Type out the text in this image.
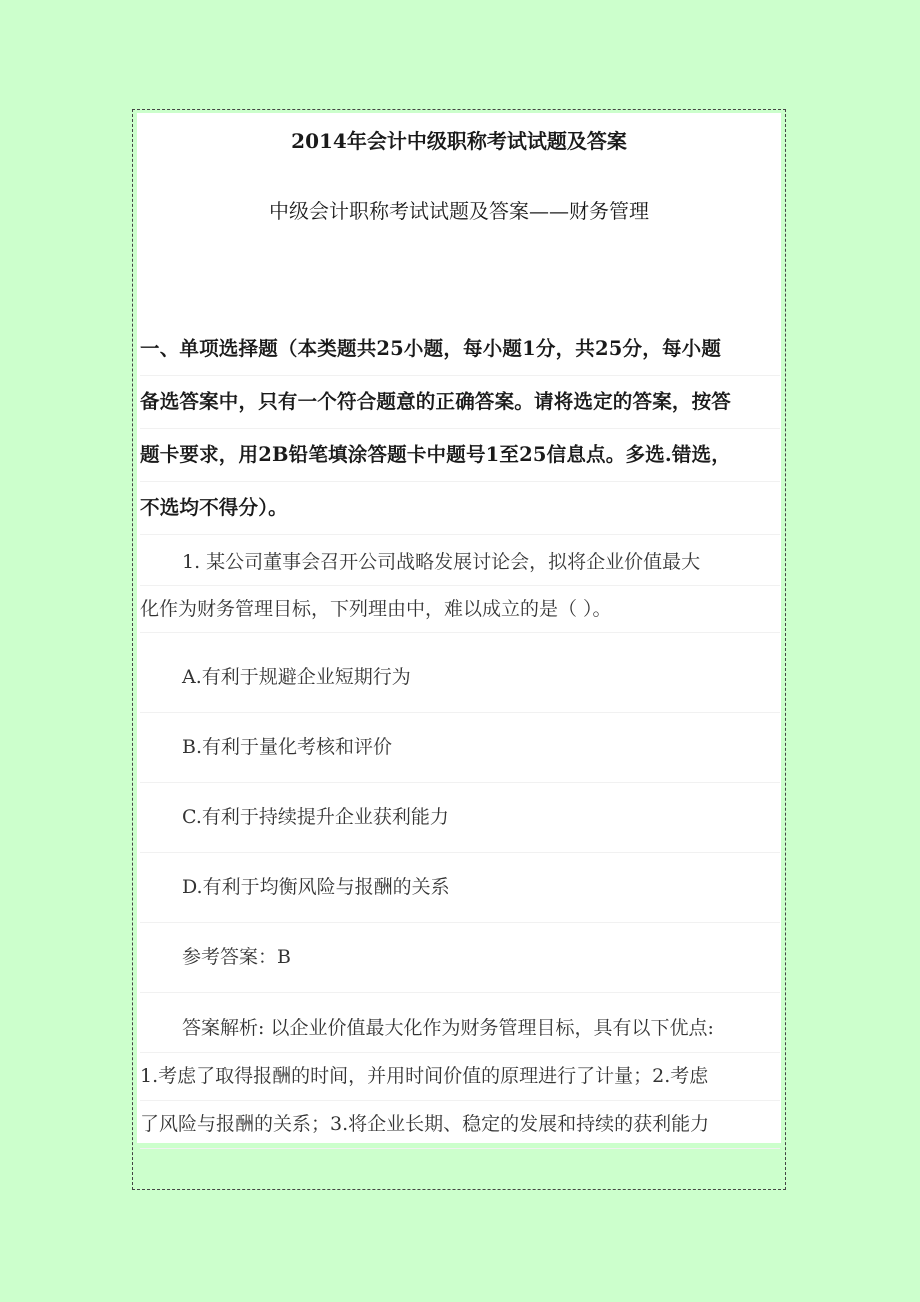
2014年会计中级职称考试试题及答案
中级会计职称考试试题及答案——财务管理
一、单项选择题（本类题共25小题，每小题1分，共25分，每小题
备选答案中，只有一个符合题意的正确答案。请将选定的答案，按答
题卡要求，用2B铅笔填涂答题卡中题号1至25信息点。多选.错选，
不选均不得分）。
1. 某公司董事会召开公司战略发展讨论会，拟将企业价值最大
化作为财务管理目标，下列理由中，难以成立的是（ ）。
A.有利于规避企业短期行为
B.有利于量化考核和评价
C.有利于持续提升企业获利能力
D.有利于均衡风险与报酬的关系
参考答案：B
答案解析: 以企业价值最大化作为财务管理目标，具有以下优点:
1.考虑了取得报酬的时间，并用时间价值的原理进行了计量；2.考虑
了风险与报酬的关系；3.将企业长期、稳定的发展和持续的获利能力
